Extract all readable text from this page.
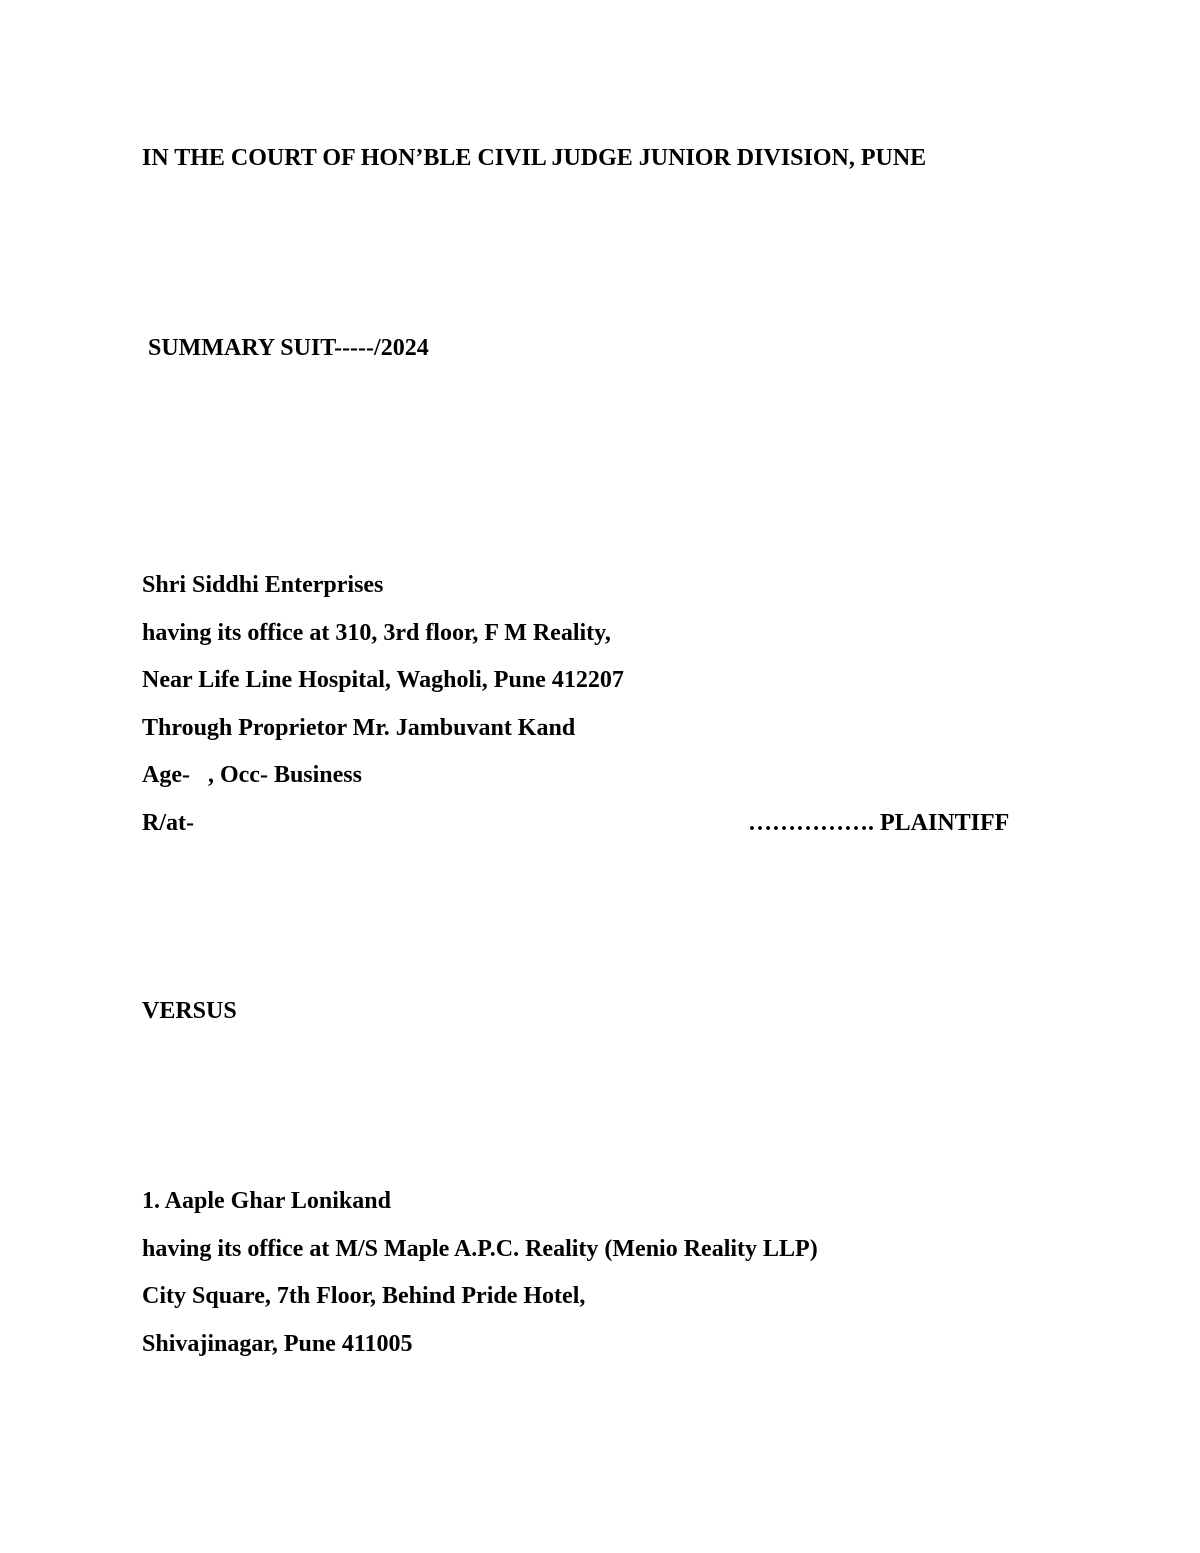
IN THE COURT OF HON’BLE CIVIL JUDGE JUNIOR DIVISION, PUNE
SUMMARY SUIT-----/2024
Shri Siddhi Enterprises
having its office at 310, 3rd floor, F M Reality,
Near Life Line Hospital, Wagholi, Pune 412207
Through Proprietor Mr. Jambuvant Kand
Age-   , Occ- Business
R/at-	……………. PLAINTIFF
VERSUS
1. Aaple Ghar Lonikand
having its office at M/S Maple A.P.C. Reality (Menio Reality LLP)
City Square, 7th Floor, Behind Pride Hotel,
Shivajinagar, Pune 411005
